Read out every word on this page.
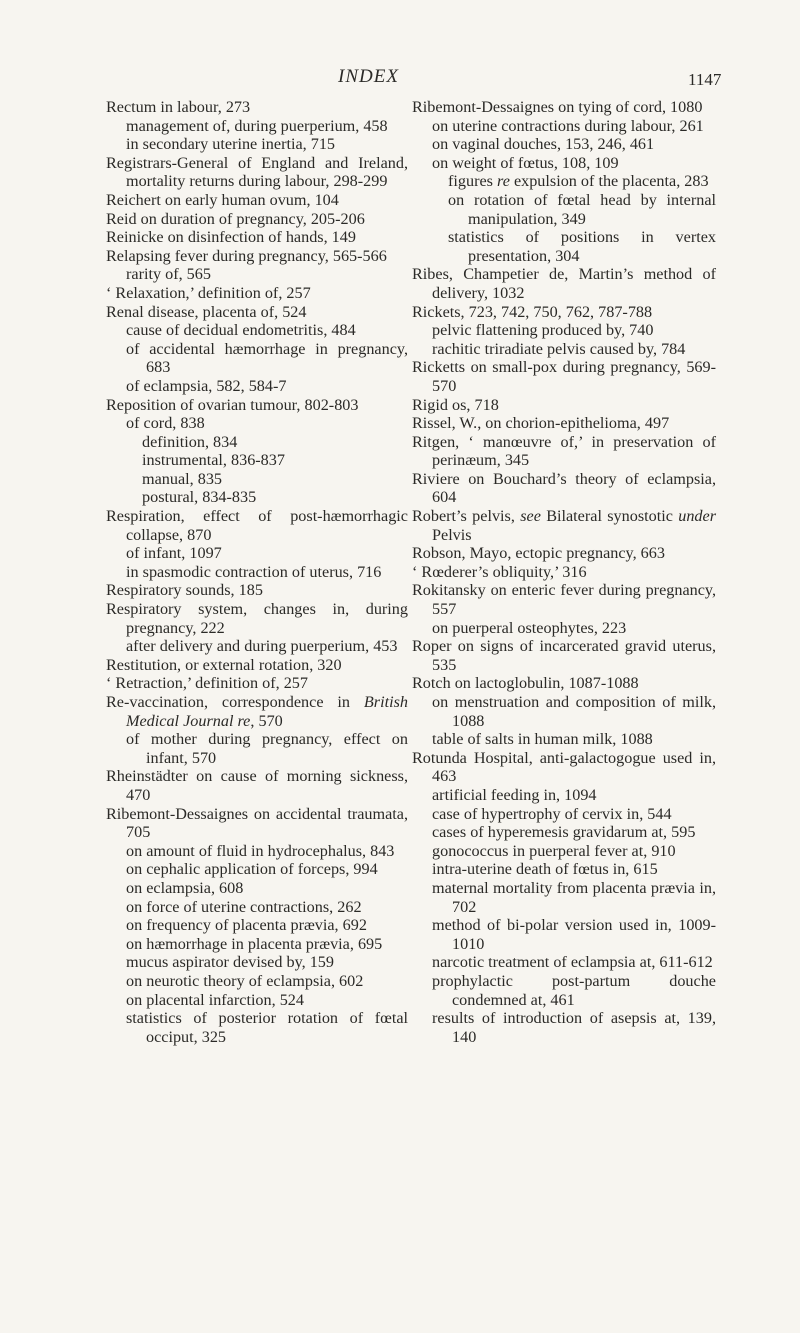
INDEX	1147
Rectum in labour, 273
management of, during puerperium, 458
in secondary uterine inertia, 715
Registrars-General of England and Ireland, mortality returns during labour, 298-299
Reichert on early human ovum, 104
Reid on duration of pregnancy, 205-206
Reinicke on disinfection of hands, 149
Relapsing fever during pregnancy, 565-566
rarity of, 565
‘ Relaxation,’ definition of, 257
Renal disease, placenta of, 524
cause of decidual endometritis, 484
of accidental hæmorrhage in pregnancy, 683
of eclampsia, 582, 584-7
Reposition of ovarian tumour, 802-803
of cord, 838
definition, 834
instrumental, 836-837
manual, 835
postural, 834-835
Respiration, effect of post-hæmorrhagic collapse, 870
of infant, 1097
in spasmodic contraction of uterus, 716
Respiratory sounds, 185
Respiratory system, changes in, during pregnancy, 222
after delivery and during puerperium, 453
Restitution, or external rotation, 320
‘ Retraction,’ definition of, 257
Re-vaccination, correspondence in British Medical Journal re, 570
of mother during pregnancy, effect on infant, 570
Rheinstädter on cause of morning sickness, 470
Ribemont-Dessaignes on accidental traumata, 705
on amount of fluid in hydrocephalus, 843
on cephalic application of forceps, 994
on eclampsia, 608
on force of uterine contractions, 262
on frequency of placenta prævia, 692
on hæmorrhage in placenta prævia, 695
mucus aspirator devised by, 159
on neurotic theory of eclampsia, 602
on placental infarction, 524
statistics of posterior rotation of fœtal occiput, 325
Ribemont-Dessaignes on tying of cord, 1080
on uterine contractions during labour, 261
on vaginal douches, 153, 246, 461
on weight of fœtus, 108, 109
figures re expulsion of the placenta, 283
on rotation of fœtal head by internal manipulation, 349
statistics of positions in vertex presentation, 304
Ribes, Champetier de, Martin’s method of delivery, 1032
Rickets, 723, 742, 750, 762, 787-788
pelvic flattening produced by, 740
rachitic triradiate pelvis caused by, 784
Ricketts on small-pox during pregnancy, 569-570
Rigid os, 718
Rissel, W., on chorion-epithelioma, 497
Ritgen, ‘ manœuvre of,’ in preservation of perinæum, 345
Riviere on Bouchard’s theory of eclampsia, 604
Robert’s pelvis, see Bilateral synostotic under Pelvis
Robson, Mayo, ectopic pregnancy, 663
‘ Rœderer’s obliquity,’ 316
Rokitansky on enteric fever during pregnancy, 557
on puerperal osteophytes, 223
Roper on signs of incarcerated gravid uterus, 535
Rotch on lactoglobulin, 1087-1088
on menstruation and composition of milk, 1088
table of salts in human milk, 1088
Rotunda Hospital, anti-galactogogue used in, 463
artificial feeding in, 1094
case of hypertrophy of cervix in, 544
cases of hyperemesis gravidarum at, 595
gonococcus in puerperal fever at, 910
intra-uterine death of fœtus in, 615
maternal mortality from placenta prævia in, 702
method of bi-polar version used in, 1009-1010
narcotic treatment of eclampsia at, 611-612
prophylactic post-partum douche condemned at, 461
results of introduction of asepsis at, 139, 140
